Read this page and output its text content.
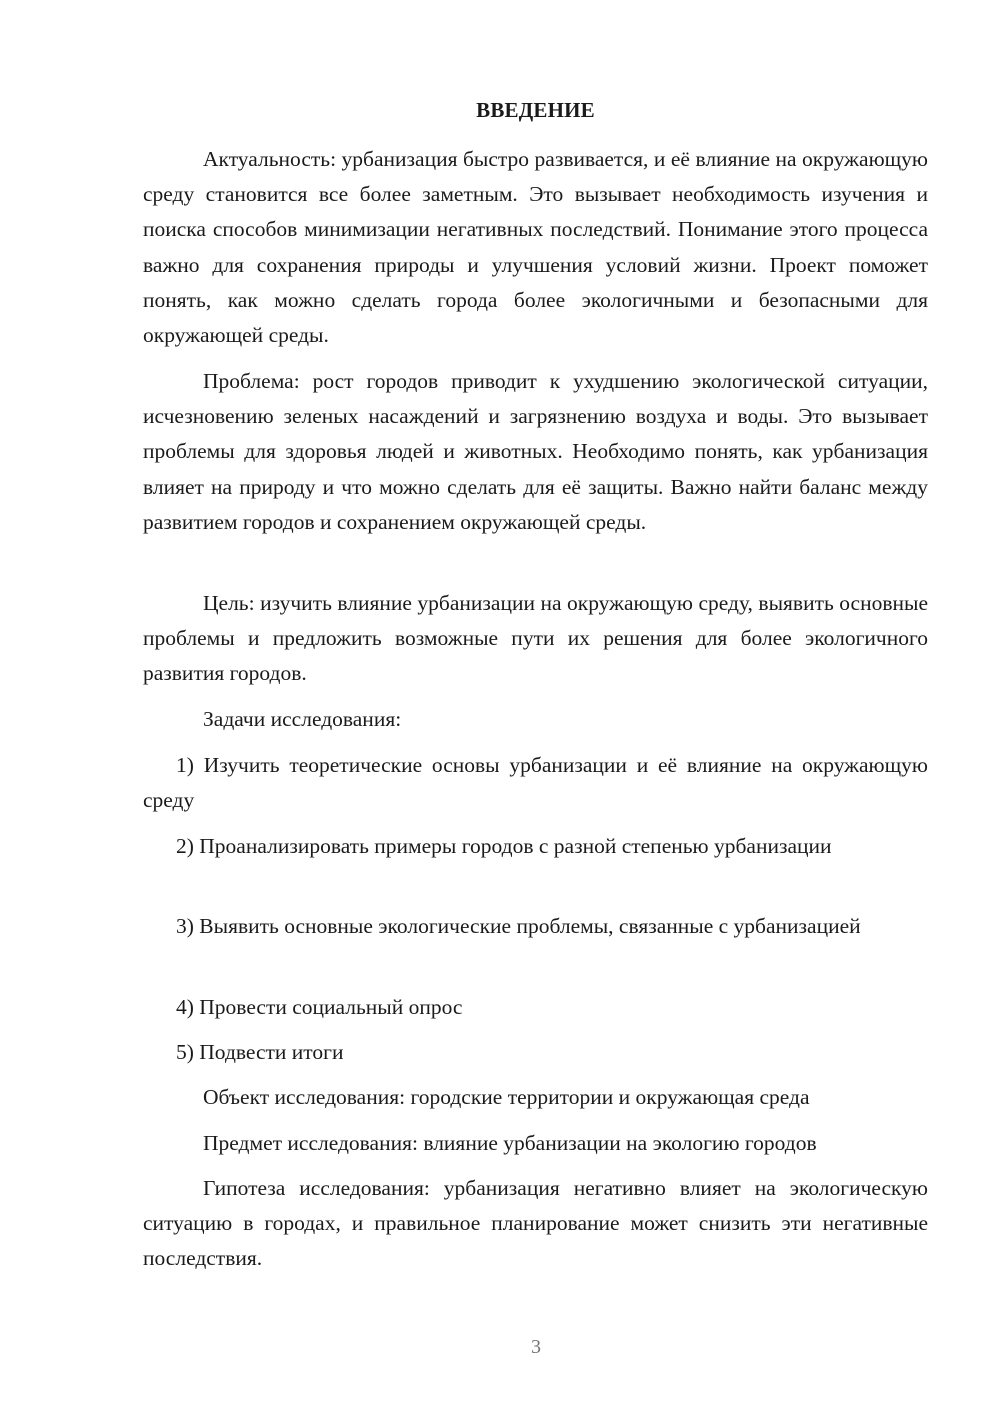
ВВЕДЕНИЕ

Актуальность: урбанизация быстро развивается, и её влияние на окружающую среду становится все более заметным. Это вызывает необходимость изучения и поиска способов минимизации негативных последствий. Понимание этого процесса важно для сохранения природы и улучшения условий жизни. Проект поможет понять, как можно сделать города более экологичными и безопасными для окружающей среды.

Проблема: рост городов приводит к ухудшению экологической ситуации, исчезновению зеленых насаждений и загрязнению воздуха и воды. Это вызывает проблемы для здоровья людей и животных. Необходимо понять, как урбанизация влияет на природу и что можно сделать для её защиты. Важно найти баланс между развитием городов и сохранением окружающей среды.

Цель: изучить влияние урбанизации на окружающую среду, выявить основные проблемы и предложить возможные пути их решения для более экологичного развития городов.

Задачи исследования:

1) Изучить теоретические основы урбанизации и её влияние на окружающую среду

2) Проанализировать примеры городов с разной степенью урбанизации

3) Выявить основные экологические проблемы, связанные с урбанизацией

4) Провести социальный опрос

5) Подвести итоги

Объект исследования: городские территории и окружающая среда

Предмет исследования: влияние урбанизации на экологию городов

Гипотеза исследования: урбанизация негативно влияет на экологическую ситуацию в городах, и правильное планирование может снизить эти негативные последствия.

3
